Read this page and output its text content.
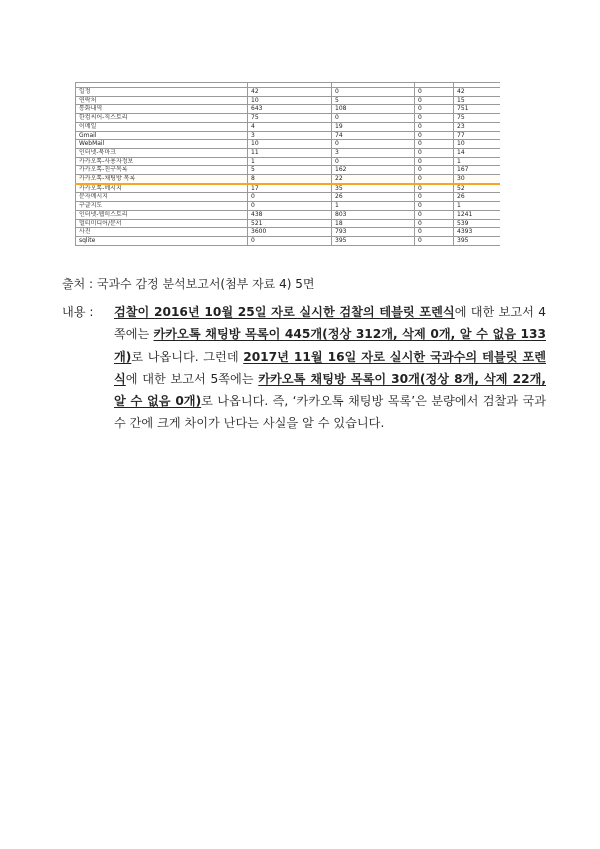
일정	42	0	0	42
연락처	10	5	0	15
통화내역	643	108	0	751
한컴씨어-직스토리	75	0	0	75
이메일	4	19	0	23
Gmail	3	74	0	77
WebMail	10	0	0	10
인터넷-북마크	11	3	0	14
카카오톡-사용자정보	1	0	0	1
카카오톡-친구목록	5	162	0	167
카카오톡-채팅방 목록	8	22	0	30
카카오톡-메시지	17	35	0	52
문자메시지	0	26	0	26
구글지도	0	1	0	1
인터넷-웹히스토리	438	803	0	1241
멀티미디어/문서	521	18	0	539
사진	3600	793	0	4393
sqlite	0	395	0	395
출처 : 국과수 감정 분석보고서(첨부 자료 4) 5면
내용 : 검찰이 2016년 10월 25일 자로 실시한 검찰의 테블릿 포렌식에 대한 보고서 4쪽에는 카카오톡 채팅방 목록이 445개(정상 312개, 삭제 0개, 알 수 없음 133개)로 나옵니다. 그런데 2017년 11월 16일 자로 실시한 국과수의 테블릿 포렌식에 대한 보고서 5쪽에는 카카오톡 채팅방 목록이 30개(정상 8개, 삭제 22개, 알 수 없음 0개)로 나옵니다. 즉, ‘카카오톡 채팅방 목록’은 분량에서 검찰과 국과수 간에 크게 차이가 난다는 사실을 알 수 있습니다.
